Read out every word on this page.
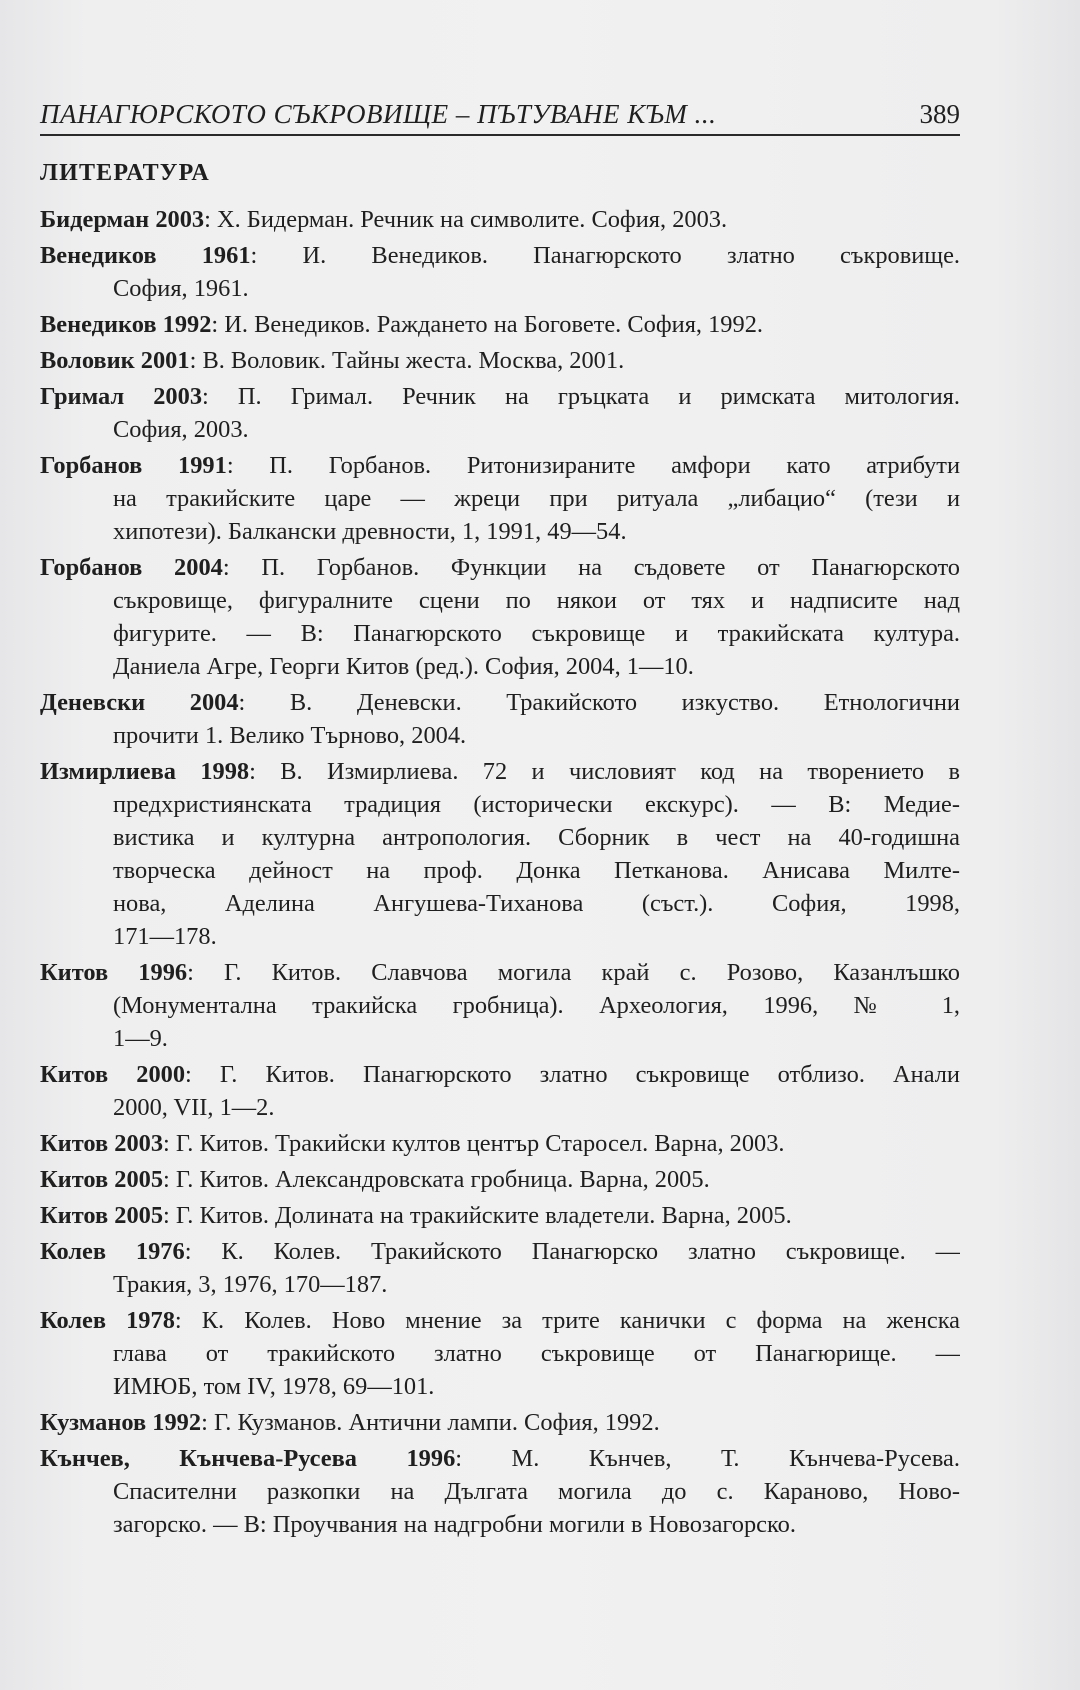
ПАНАГЮРСКОТО СЪКРОВИЩЕ – ПЪТУВАНЕ КЪМ ...	389
ЛИТЕРАТУРА
Бидерман 2003: Х. Бидерман. Речник на символите. София, 2003.
Венедиков 1961: И. Венедиков. Панагюрското златно съкровище.
София, 1961.
Венедиков 1992: И. Венедиков. Раждането на Боговете. София, 1992.
Воловик 2001: В. Воловик. Тайны жеста. Москва, 2001.
Гримал 2003: П. Гримал. Речник на гръцката и римската митология.
София, 2003.
Горбанов 1991: П. Горбанов. Ритонизираните амфори като атрибути
на тракийските царе — жреци при ритуала „либацио“ (тези и
хипотези). Балкански древности, 1, 1991, 49—54.
Горбанов 2004: П. Горбанов. Функции на съдовете от Панагюрското
съкровище, фигуралните сцени по някои от тях и надписите над
фигурите. — В: Панагюрското съкровище и тракийската култура.
Даниела Агре, Георги Китов (ред.). София, 2004, 1—10.
Деневски 2004: В. Деневски. Тракийското изкуство. Етнологични
прочити 1. Велико Търново, 2004.
Измирлиева 1998: В. Измирлиева. 72 и числовият код на творението в
предхристиянската традиция (исторически екскурс). — В: Медие-
вистика и културна антропология. Сборник в чест на 40-годишна
творческа дейност на проф. Донка Петканова. Анисава Милте-
нова, Аделина Ангушева-Тиханова (съст.). София, 1998,
171—178.
Китов 1996: Г. Китов. Славчова могила край с. Розово, Казанлъшко
(Монументална тракийска гробница). Археология, 1996, № 1,
1—9.
Китов 2000: Г. Китов. Панагюрското златно съкровище отблизо. Анали
2000, VII, 1—2.
Китов 2003: Г. Китов. Тракийски култов център Старосел. Варна, 2003.
Китов 2005: Г. Китов. Александровската гробница. Варна, 2005.
Китов 2005: Г. Китов. Долината на тракийските владетели. Варна, 2005.
Колев 1976: К. Колев. Тракийското Панагюрско златно съкровище. —
Тракия, 3, 1976, 170—187.
Колев 1978: К. Колев. Ново мнение за трите канички с форма на женска
глава от тракийското златно съкровище от Панагюрище. —
ИМЮБ, том IV, 1978, 69—101.
Кузманов 1992: Г. Кузманов. Антични лампи. София, 1992.
Кънчев, Кънчева-Русева 1996: М. Кънчев, Т. Кънчева-Русева.
Спасителни разкопки на Дългата могила до с. Караново, Ново-
загорско. — В: Проучвания на надгробни могили в Новозагорско.
